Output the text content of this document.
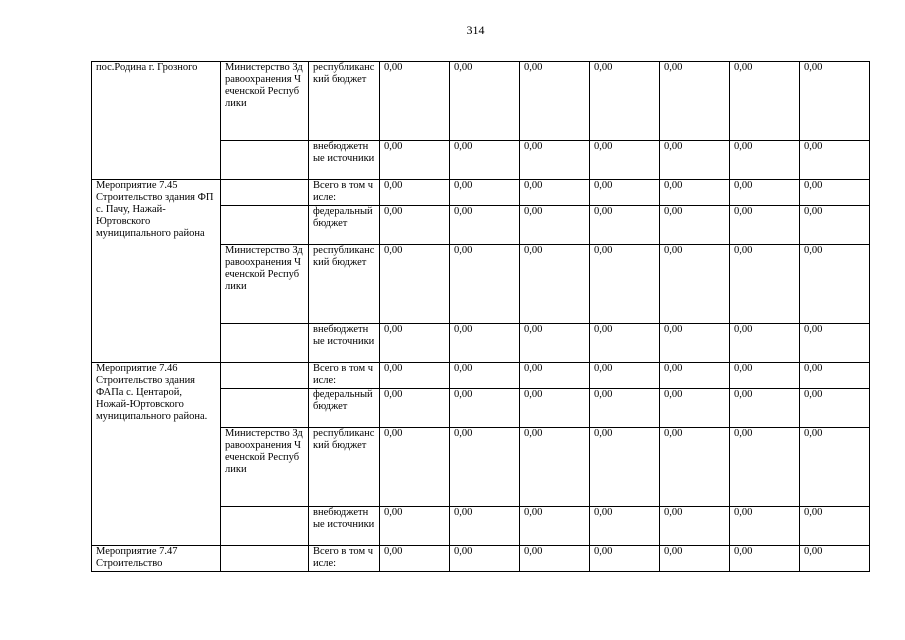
314
пос.Родина г. Грозного	Министерство Здравоохранения Чеченской Республики	республиканский бюджет	0,00	0,00	0,00	0,00	0,00	0,00	0,00
		внебюджетные источники	0,00	0,00	0,00	0,00	0,00	0,00	0,00
Мероприятие 7.45 Строительство здания ФП с. Пачу, Нажай-Юртовского муниципального района		Всего в том числе:	0,00	0,00	0,00	0,00	0,00	0,00	0,00
		федеральный бюджет	0,00	0,00	0,00	0,00	0,00	0,00	0,00
	Министерство Здравоохранения Чеченской Республики	республиканский бюджет	0,00	0,00	0,00	0,00	0,00	0,00	0,00
		внебюджетные источники	0,00	0,00	0,00	0,00	0,00	0,00	0,00
Мероприятие 7.46 Строительство здания ФАПа с. Центарой, Ножай-Юртовского муниципального района.		Всего в том числе:	0,00	0,00	0,00	0,00	0,00	0,00	0,00
		федеральный бюджет	0,00	0,00	0,00	0,00	0,00	0,00	0,00
	Министерство Здравоохранения Чеченской Республики	республиканский бюджет	0,00	0,00	0,00	0,00	0,00	0,00	0,00
		внебюджетные источники	0,00	0,00	0,00	0,00	0,00	0,00	0,00
Мероприятие 7.47 Строительство		Всего в том числе:	0,00	0,00	0,00	0,00	0,00	0,00	0,00
